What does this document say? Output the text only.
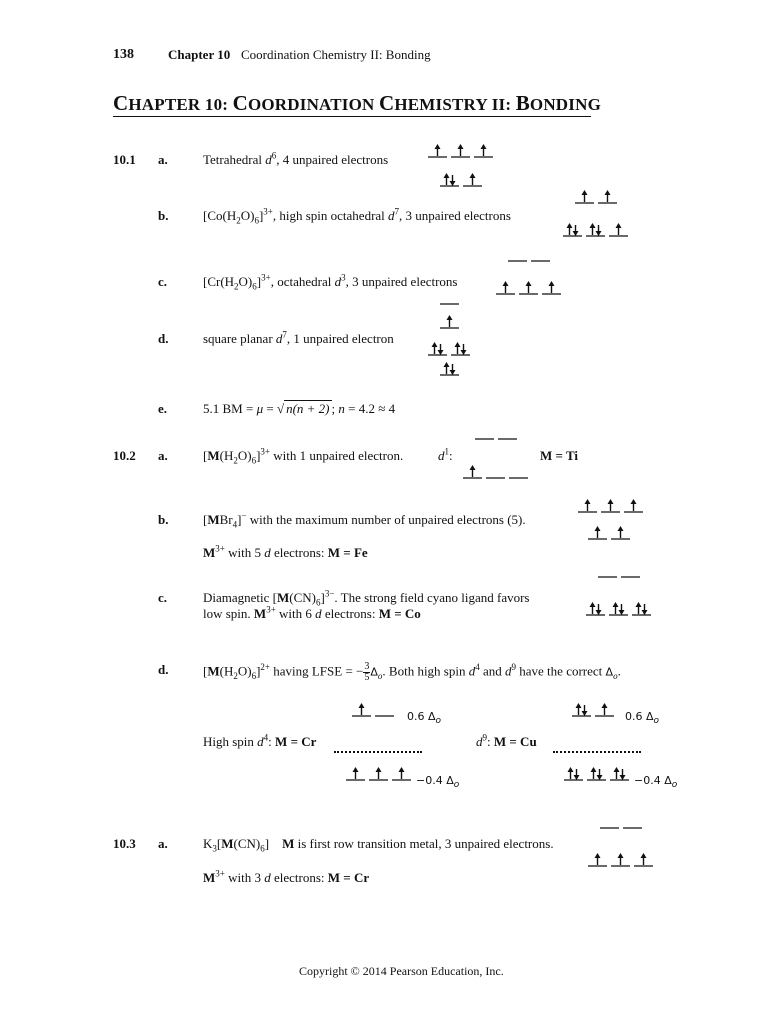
138	Chapter 10 Coordination Chemistry II: Bonding
CHAPTER 10: COORDINATION CHEMISTRY II: BONDING
10.1 a.	Tetrahedral $d^6$, 4 unpaired electrons
b.	$[Co(H_2O)_6]^{3+}$, high spin octahedral $d^7$, 3 unpaired electrons
c.	$[Cr(H_2O)_6]^{3+}$, octahedral $d^3$, 3 unpaired electrons
d.	square planar $d^7$, 1 unpaired electron
e.	5.1 BM = μ = √ n(n + 2) ; n = 4.2 ≈ 4
10.2 a.	$[M(H_2O)_6]^{3+}$ with 1 unpaired electron.	$d^1$:	M = Ti
b.	[MBr$_4$]− with the maximum number of unpaired electrons (5).
$M^{3+}$ with 5 d electrons: M = Fe
c.	Diamagnetic $[M(CN)_6]^{3-}$. The strong field cyano ligand favors
low spin. $M^{3+}$ with 6 d electrons: M = Co
d.	$[M(H_2O)_6]^{2+}$ having LFSE = − $\frac{3}{5} \Delta_o$. Both high spin $d^4$ and $d^9$ have the correct $\Delta_o$.
High spin $d^4$: M = Cr	$d^9$: M = Cu
0.6 $\Delta_o$	0.6 $\Delta_o$
−0.4 $\Delta_o$	−0.4 $\Delta_o$
10.3 a.	$K_3[M(CN)_6]$ M is first row transition metal, 3 unpaired electrons.
$M^{3+}$ with 3 d electrons: M = Cr
Copyright © 2014 Pearson Education, Inc.
